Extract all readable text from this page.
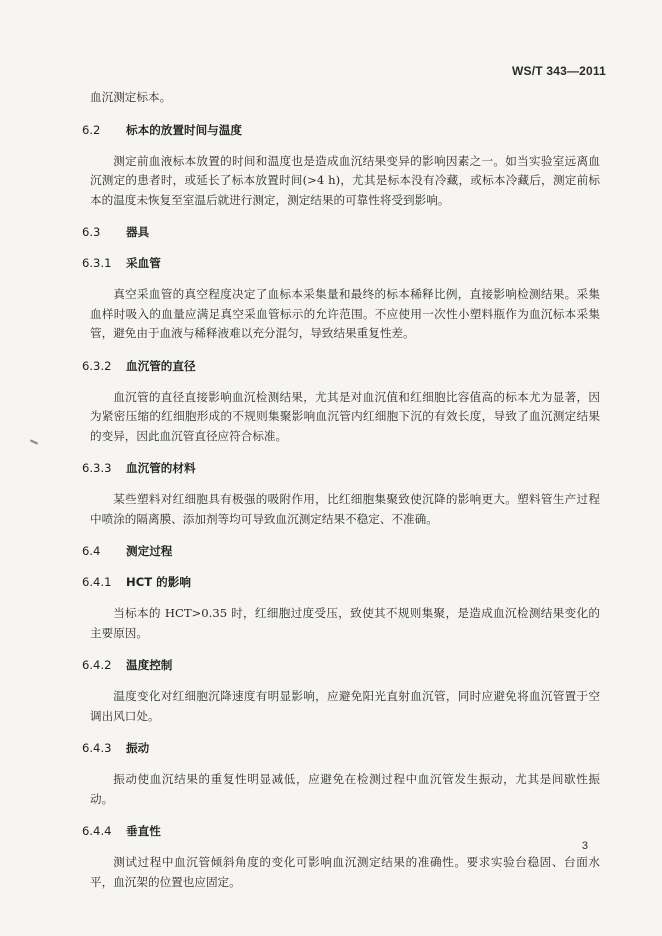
WS/T 343—2011

血沉测定标本。

6.2 标本的放置时间与温度

测定前血液标本放置的时间和温度也是造成血沉结果变异的影响因素之一。如当实验室远离血沉测定的患者时，或延长了标本放置时间(>4 h)，尤其是标本没有冷藏，或标本冷藏后，测定前标本的温度未恢复至室温后就进行测定，测定结果的可靠性将受到影响。

6.3 器具
6.3.1 采血管

真空采血管的真空程度决定了血标本采集量和最终的标本稀释比例，直接影响检测结果。采集血样时吸入的血量应满足真空采血管标示的允许范围。不应使用一次性小塑料瓶作为血沉标本采集管，避免由于血液与稀释液难以充分混匀，导致结果重复性差。

6.3.2 血沉管的直径

血沉管的直径直接影响血沉检测结果，尤其是对血沉值和红细胞比容值高的标本尤为显著，因为紧密压缩的红细胞形成的不规则集聚影响血沉管内红细胞下沉的有效长度，导致了血沉测定结果的变异，因此血沉管直径应符合标准。

6.3.3 血沉管的材料

某些塑料对红细胞具有极强的吸附作用，比红细胞集聚致使沉降的影响更大。塑料管生产过程中喷涂的隔离膜、添加剂等均可导致血沉测定结果不稳定、不准确。

6.4 测定过程
6.4.1 HCT 的影响

当标本的 HCT>0.35 时，红细胞过度受压，致使其不规则集聚，是造成血沉检测结果变化的主要原因。

6.4.2 温度控制

温度变化对红细胞沉降速度有明显影响，应避免阳光直射血沉管，同时应避免将血沉管置于空调出风口处。

6.4.3 振动

振动使血沉结果的重复性明显减低，应避免在检测过程中血沉管发生振动，尤其是间歇性振动。

6.4.4 垂直性

测试过程中血沉管倾斜角度的变化可影响血沉测定结果的准确性。要求实验台稳固、台面水平，血沉架的位置也应固定。

3
